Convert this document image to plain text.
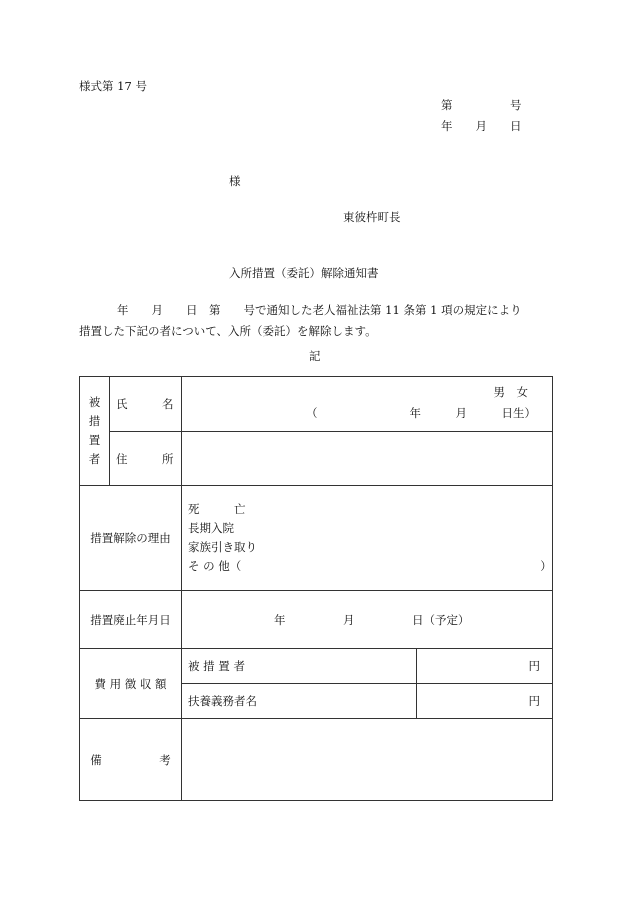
様式第 17 号
第　　　　　号
年　　月　　日
様
東彼杵町長
入所措置（委託）解除通知書
年　　月　　日　第　　号で通知した老人福祉法第 11 条第 1 項の規定により
措置した下記の者について、入所（委託）を解除します。
記
被
措
置
者	氏　　　名	男　女
（　　　　　　　　年　　　月　　　日生）	

	住　　　所		
措置解除の理由		死　　　亡
長期入院
家族引き取り
そ の 他（　　　　　　　　　　　　　　　　　　　　　　　　　　）	

措置廃止年月日		年　　　　　月　　　　　日（予定）	
費 用 徴 収 額		被 措 置 者	円
		扶養義務者名	円
備　　　　　考			
